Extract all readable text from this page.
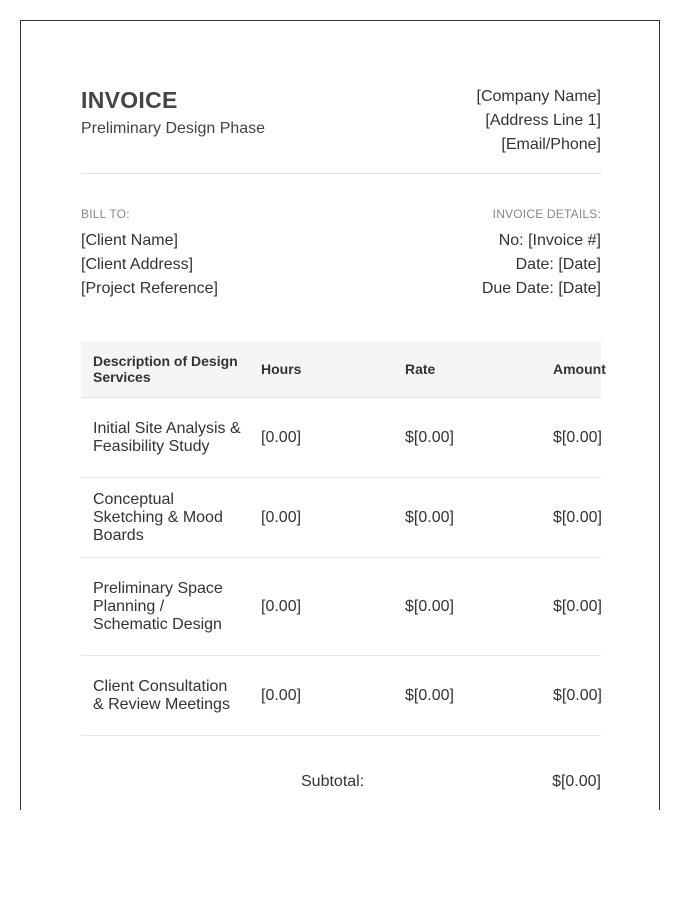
INVOICE
Preliminary Design Phase
[Company Name]
[Address Line 1]
[Email/Phone]
BILL TO:
[Client Name]
[Client Address]
[Project Reference]
INVOICE DETAILS:
No: [Invoice #]
Date: [Date]
Due Date: [Date]
Description of Design Services	Hours	Rate	Amount
Initial Site Analysis & Feasibility Study	[0.00]	$[0.00]	$[0.00]
Conceptual Sketching & Mood Boards	[0.00]	$[0.00]	$[0.00]
Preliminary Space Planning / Schematic Design	[0.00]	$[0.00]	$[0.00]
Client Consultation & Review Meetings	[0.00]	$[0.00]	$[0.00]
Subtotal:	$[0.00]
